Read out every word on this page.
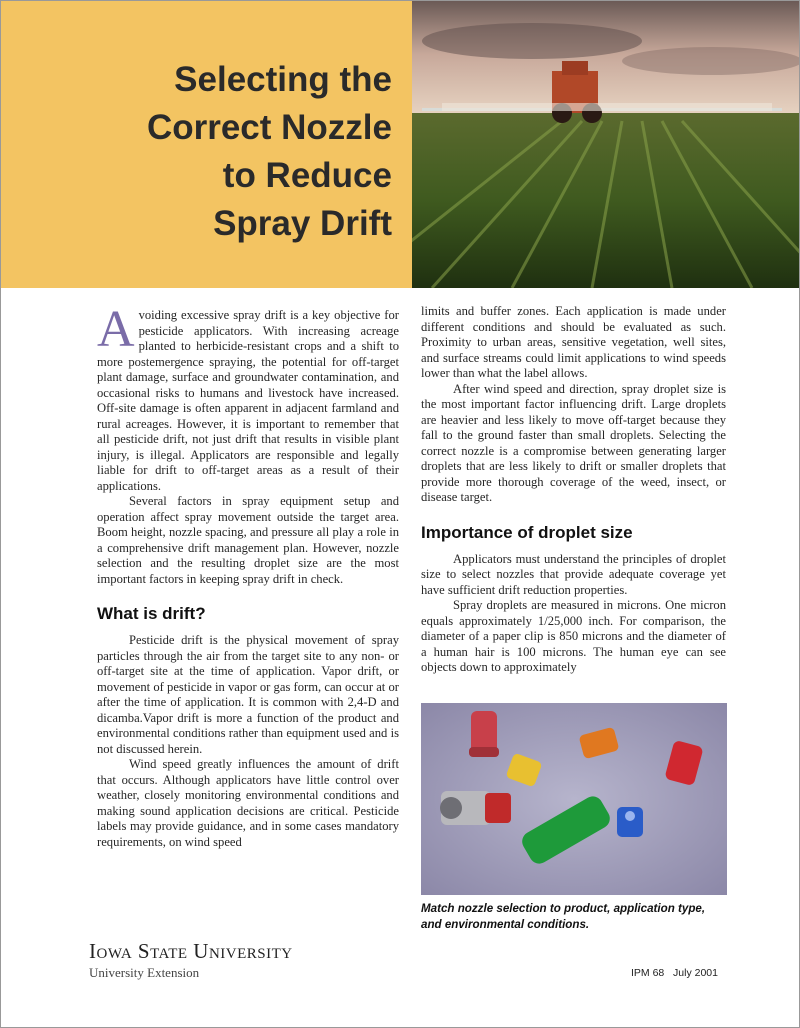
Selecting the
Correct Nozzle
to Reduce
Spray Drift

Avoiding excessive spray drift is a key objective for pesticide applicators. With increasing acreage planted to herbicide-resistant crops and a shift to more postemergence spraying, the potential for off-target plant damage, surface and groundwater contamination, and occasional risks to humans and livestock have increased. Off-site damage is often apparent in adjacent farmland and rural acreages. However, it is important to remember that all pesticide drift, not just drift that results in visible plant injury, is illegal. Applicators are responsible and legally liable for drift to off-target areas as a result of their applications.

Several factors in spray equipment setup and operation affect spray movement outside the target area. Boom height, nozzle spacing, and pressure all play a role in a comprehensive drift management plan. However, nozzle selection and the resulting droplet size are the most important factors in keeping spray drift in check.

What is drift?

Pesticide drift is the physical movement of spray particles through the air from the target site to any non- or off-target site at the time of application. Vapor drift, or movement of pesticide in vapor or gas form, can occur at or after the time of application. It is common with 2,4-D and dicamba.Vapor drift is more a function of the product and environmental conditions rather than equipment used and is not discussed herein.

Wind speed greatly influences the amount of drift that occurs. Although applicators have little control over weather, closely monitoring environmental conditions and making sound application decisions are critical. Pesticide labels may provide guidance, and in some cases mandatory requirements, on wind speed

limits and buffer zones. Each application is made under different conditions and should be evaluated as such. Proximity to urban areas, sensitive vegetation, well sites, and surface streams could limit applications to wind speeds lower than what the label allows.

After wind speed and direction, spray droplet size is the most important factor influencing drift. Large droplets are heavier and less likely to move off-target because they fall to the ground faster than small droplets. Selecting the correct nozzle is a compromise between generating larger droplets that are less likely to drift or smaller droplets that provide more thorough coverage of the weed, insect, or disease target.

Importance of droplet size

Applicators must understand the principles of droplet size to select nozzles that provide adequate coverage yet have sufficient drift reduction properties.

Spray droplets are measured in microns. One micron equals approximately 1/25,000 inch. For comparison, the diameter of a paper clip is 850 microns and the diameter of a human hair is 100 microns. The human eye can see objects down to approximately

Match nozzle selection to product, application type, and environmental conditions.
Iowa State University
University Extension	IPM 68   July 2001
